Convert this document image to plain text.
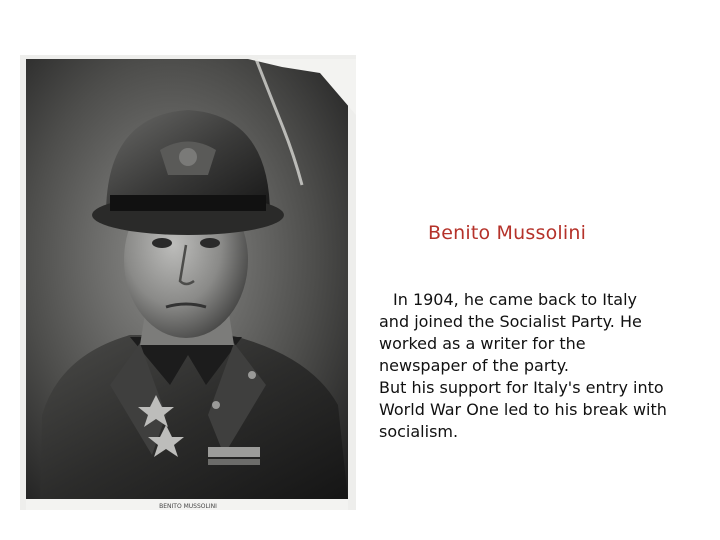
BENITO MUSSOLINI
Benito Mussolini

In 1904, he came back to Italy and joined the Socialist Party. He worked as a writer for the newspaper of the party.

But his support for Italy's entry into World War One led to his break with socialism.
